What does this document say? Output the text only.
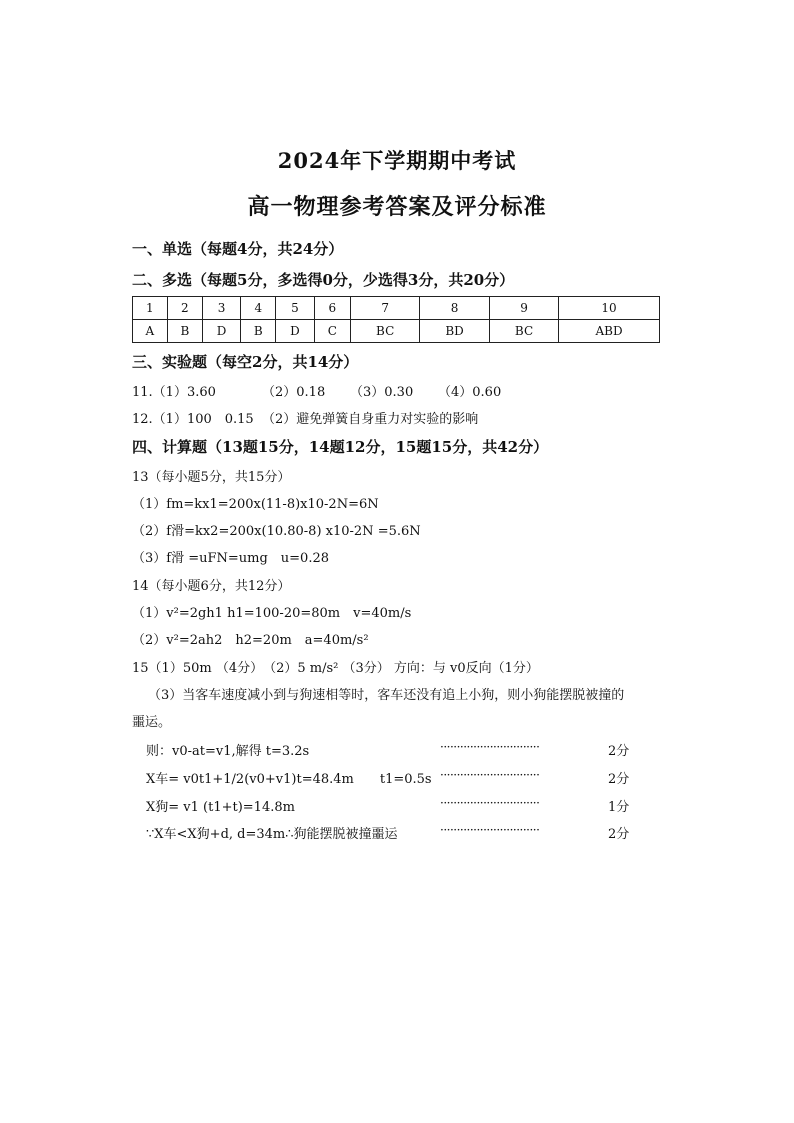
2024年下学期期中考试
高一物理参考答案及评分标准
一、单选（每题4分，共24分）
二、多选（每题5分，多选得0分，少选得3分，共20分）
1	2	3	4	5	6	7	8	9	10
A	B	D	B	D	C	BC	BD	BC	ABD
三、实验题（每空2分，共14分）
11.（1）3.60	（2）0.18 （3）0.30 （4）0.60
12.（1）100　0.15 （2）避免弹簧自身重力对实验的影响
四、计算题（13题15分，14题12分，15题15分，共42分）
13（每小题5分，共15分）
（1）fm=kx1=200x(11-8)x10-2N=6N
（2）f滑=kx2=200x(10.80-8) x10-2N =5.6N
（3）f滑 =uFN=umg　u=0.28
14（每小题6分，共12分）
（1）v²=2gh1 h1=100-20=80m　v=40m/s
（2）v²=2ah2　h2=20m　a=40m/s²
15（1）50m （4分）　（2）5 m/s² （3分） 方向：与 v0反向（1分）
（3）当客车速度减小到与狗速相等时，客车还没有追上小狗，则小狗能摆脱被撞的
噩运。
则：v0-at=v1,解得 t=3.2s	······························	2分
X车= v0t1+1/2(v0+v1)t=48.4m　　t1=0.5s ······························	2分
X狗= v1 (t1+t)=14.8m	······························	1分
∵X车<X狗+d, d=34m∴狗能摆脱被撞噩运	······························	2分
